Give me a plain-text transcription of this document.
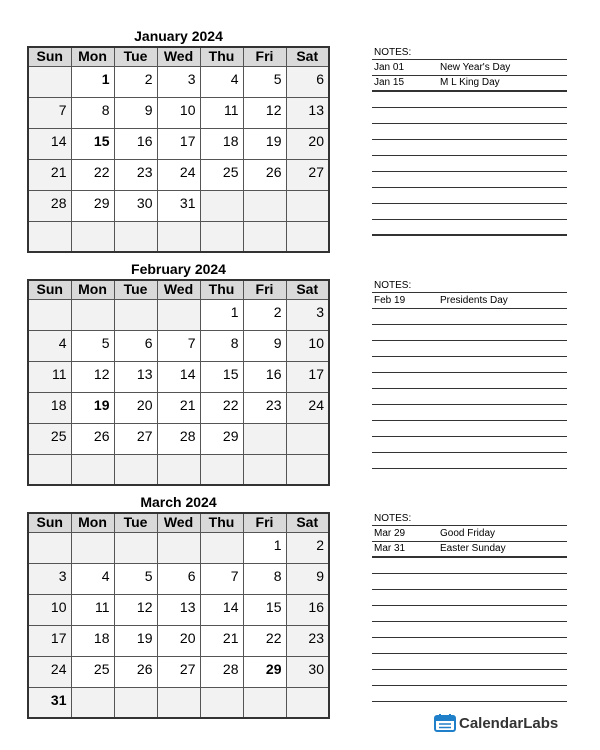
January 2024
Sun	Mon	Tue	Wed	Thu	Fri	Sat
	1	2	3	4	5	6
7	8	9	10	11	12	13
14	15	16	17	18	19	20
21	22	23	24	25	26	27
28	29	30	31			

NOTES:
Jan 01	New Year's Day
Jan 15	M L King Day
February 2024
Sun	Mon	Tue	Wed	Thu	Fri	Sat
				1	2	3
4	5	6	7	8	9	10
11	12	13	14	15	16	17
18	19	20	21	22	23	24
25	26	27	28	29		

NOTES:
Feb 19	Presidents Day
March 2024
Sun	Mon	Tue	Wed	Thu	Fri	Sat
					1	2
3	4	5	6	7	8	9
10	11	12	13	14	15	16
17	18	19	20	21	22	23
24	25	26	27	28	29	30
31						
NOTES:
Mar 29	Good Friday
Mar 31	Easter Sunday
CalendarLabs
